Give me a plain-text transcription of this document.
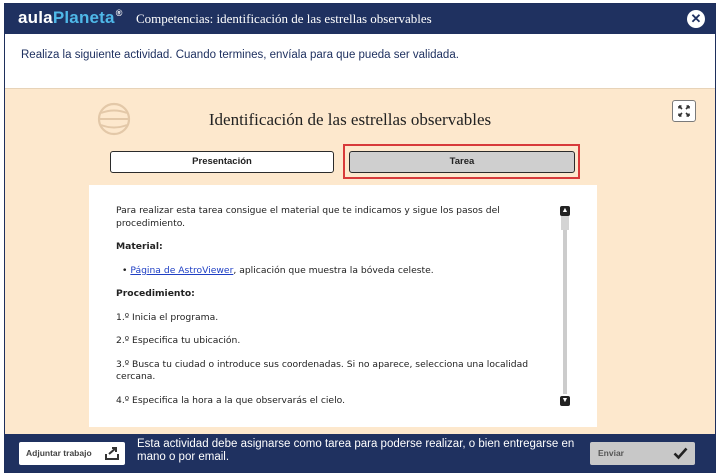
aulaPlaneta® Competencias: identificación de las estrellas observables	✕
Realiza la siguiente actividad. Cuando termines, envíala para que pueda ser validada.
Identificación de las estrellas observables
Presentación	Tarea

Para realizar esta tarea consigue el material que te indicamos y sigue los pasos del procedimiento.

Material:

• Página de AstroViewer, aplicación que muestra la bóveda celeste.

Procedimiento:

1.º Inicia el programa.

2.º Especifica tu ubicación.

3.º Busca tu ciudad o introduce sus coordenadas. Si no aparece, selecciona una localidad cercana.

4.º Especifica la hora a la que observarás el cielo.

▲
▼
Adjuntar trabajo
Esta actividad debe asignarse como tarea para poderse realizar, o bien entregarse en mano o por email.	Enviar
